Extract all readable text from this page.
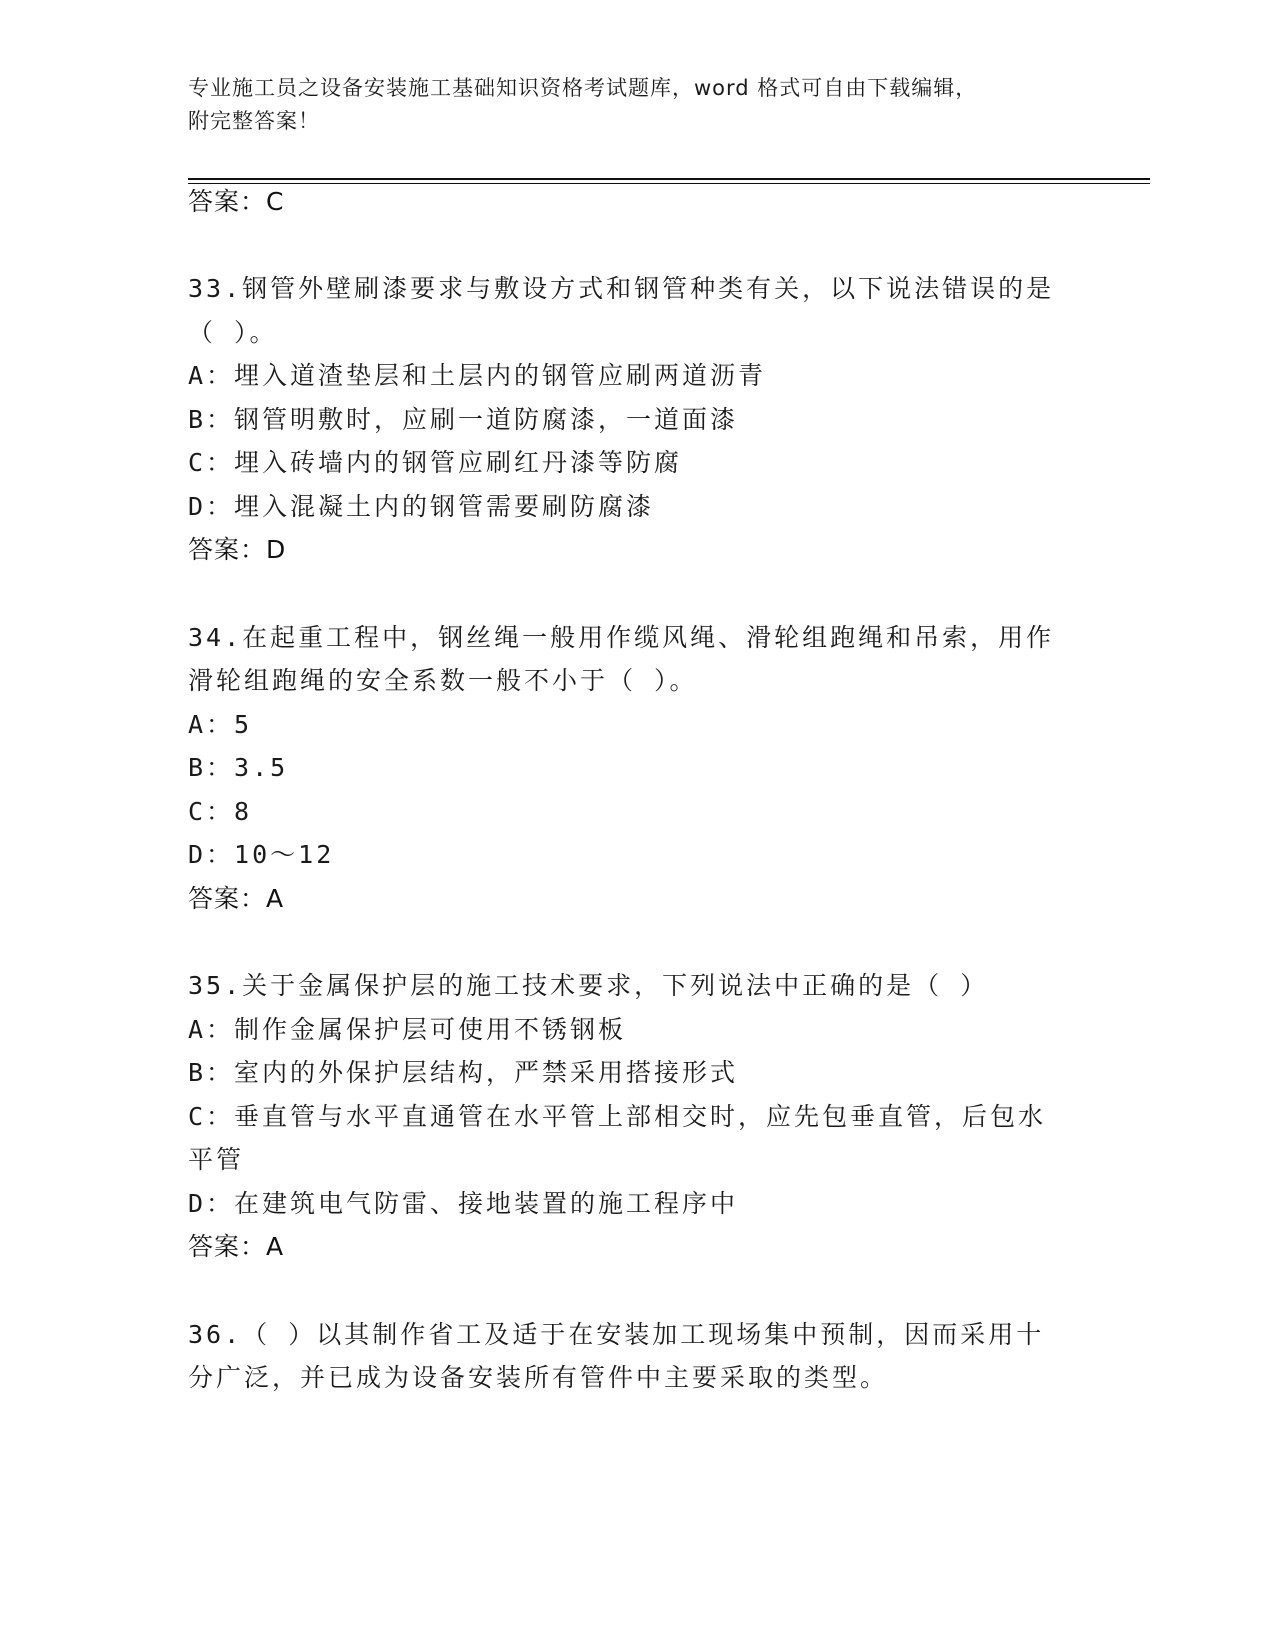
专业施工员之设备安装施工基础知识资格考试题库，word 格式可自由下载编辑，
附完整答案！
答案：C
33.钢管外壁刷漆要求与敷设方式和钢管种类有关，以下说法错误的是
（ ）。
A：埋入道渣垫层和土层内的钢管应刷两道沥青
B：钢管明敷时，应刷一道防腐漆，一道面漆
C：埋入砖墙内的钢管应刷红丹漆等防腐
D：埋入混凝土内的钢管需要刷防腐漆
答案：D
34.在起重工程中，钢丝绳一般用作缆风绳、滑轮组跑绳和吊索，用作
滑轮组跑绳的安全系数一般不小于（ ）。
A：5
B：3.5
C：8
D：10～12
答案：A
35.关于金属保护层的施工技术要求，下列说法中正确的是（ ）
A：制作金属保护层可使用不锈钢板
B：室内的外保护层结构，严禁采用搭接形式
C：垂直管与水平直通管在水平管上部相交时，应先包垂直管，后包水
平管
D：在建筑电气防雷、接地装置的施工程序中
答案：A
36.（ ）以其制作省工及适于在安装加工现场集中预制，因而采用十
分广泛，并已成为设备安装所有管件中主要采取的类型。
